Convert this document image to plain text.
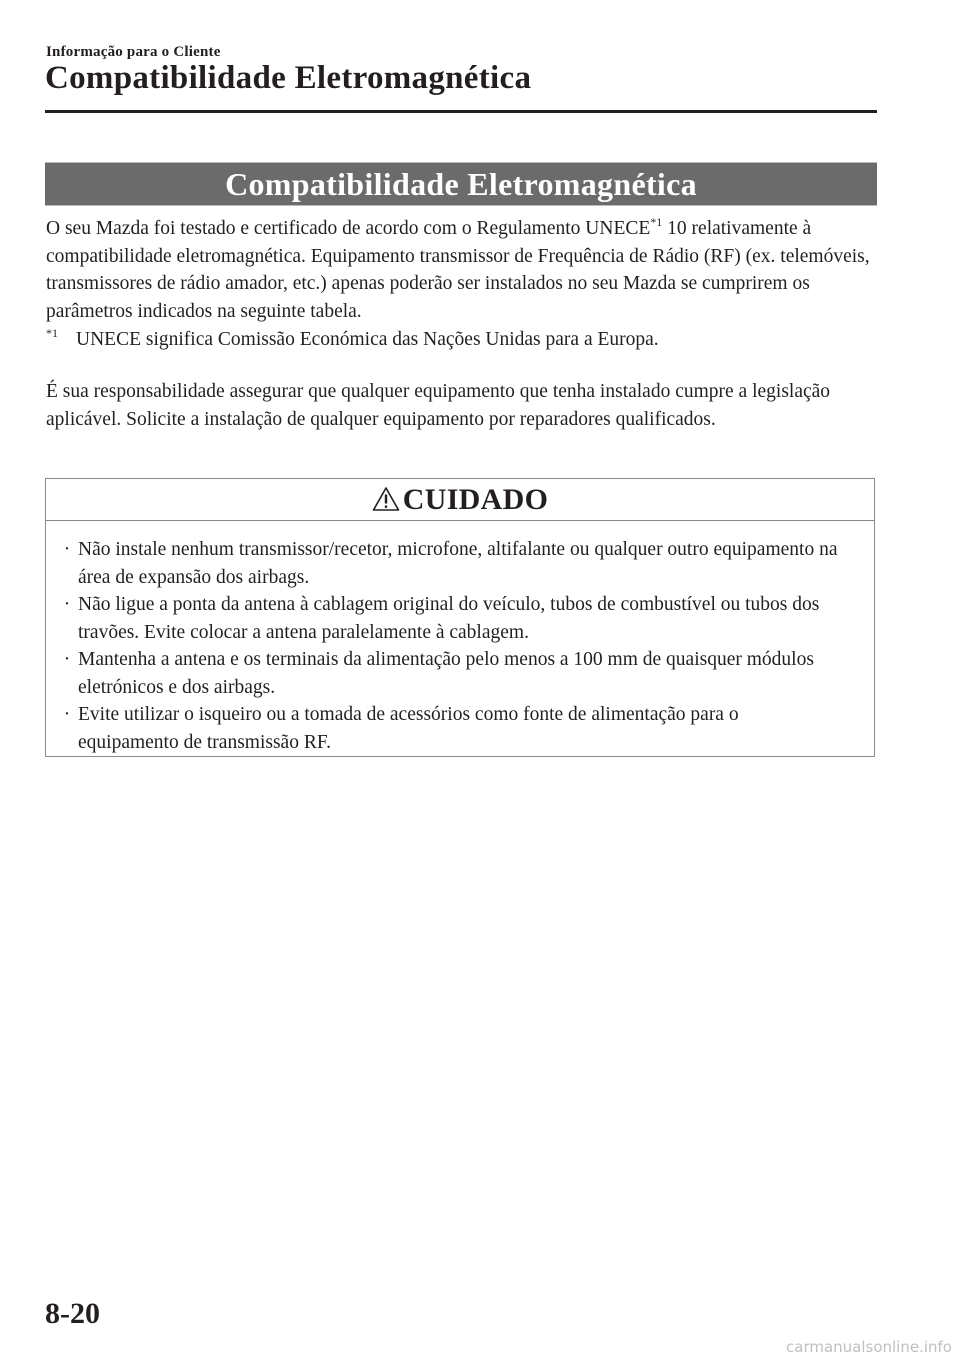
Informação para o Cliente
Compatibilidade Eletromagnética
Compatibilidade Eletromagnética

O seu Mazda foi testado e certificado de acordo com o Regulamento UNECE$^{*1}$ 10 relativamente à compatibilidade eletromagnética. Equipamento transmissor de Frequência de Rádio (RF) (ex. telemóveis, transmissores de rádio amador, etc.) apenas poderão ser instalados no seu Mazda se cumprirem os parâmetros indicados na seguinte tabela.

$^{*1}$ UNECE significa Comissão Económica das Nações Unidas para a Europa.

É sua responsabilidade assegurar que qualquer equipamento que tenha instalado cumpre a legislação aplicável. Solicite a instalação de qualquer equipamento por reparadores qualificados.

CUIDADO
· Não instale nenhum transmissor/recetor, microfone, altifalante ou qualquer outro equipamento na área de expansão dos airbags.
· Não ligue a ponta da antena à cablagem original do veículo, tubos de combustível ou tubos dos travões. Evite colocar a antena paralelamente à cablagem.
· Mantenha a antena e os terminais da alimentação pelo menos a 100 mm de quaisquer módulos eletrónicos e dos airbags.
· Evite utilizar o isqueiro ou a tomada de acessórios como fonte de alimentação para o equipamento de transmissão RF.
8-20
carmanualsonline.info
